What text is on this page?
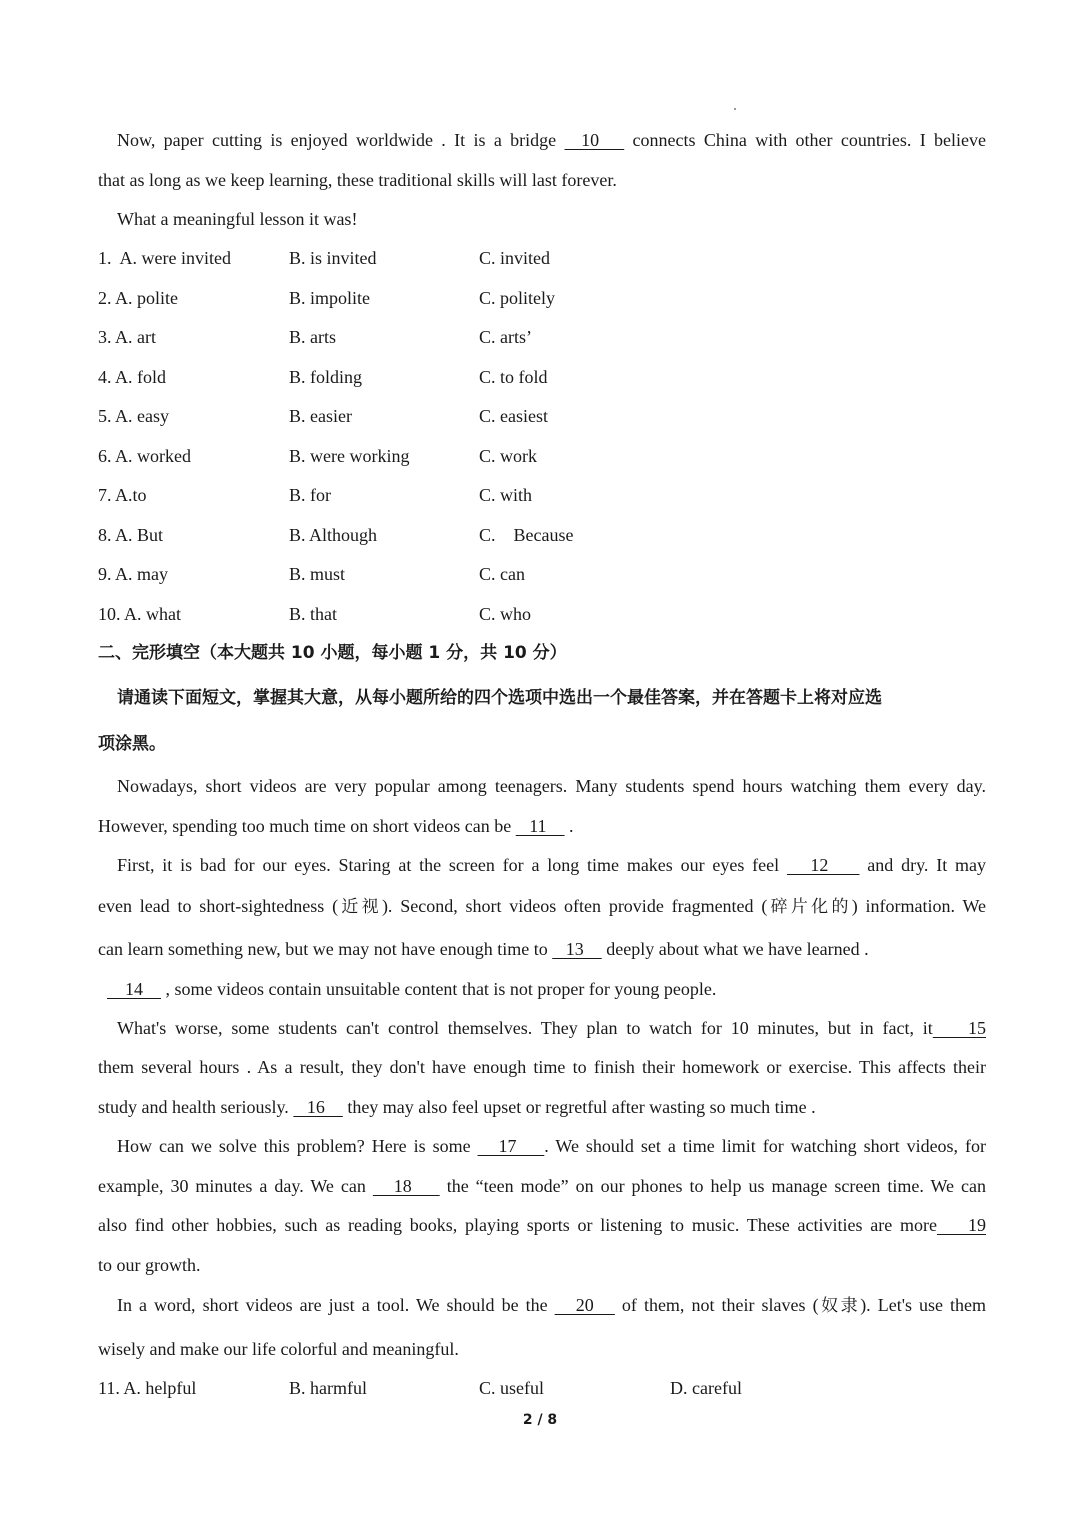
Now, paper cutting is enjoyed worldwide . It is a bridge   10    connects China with other countries. I believe
that as long as we keep learning, these traditional skills will last forever.
What a meaningful lesson it was!
1.  A. were invited	B. is invited	C. invited
2. A. polite	B. impolite	C. politely
3. A. art	B. arts	C. arts’
4. A. fold	B. folding	C. to fold
5. A. easy	B. easier	C. easiest
6. A. worked	B. were working	C. work
7. A.to	B. for	C. with
8. A. But	B. Although	C.    Because
9. A. may	B. must	C. can
10. A. what	B. that	C. who
二、完形填空（本大题共 10 小题，每小题 1 分，共 10 分）
请通读下面短文，掌握其大意，从每小题所给的四个选项中选出一个最佳答案，并在答题卡上将对应选
项涂黑。
Nowadays, short videos are very popular among teenagers. Many students spend hours watching them every day.
However, spending too much time on short videos can be    11     .
First, it is bad for our eyes. Staring at the screen for a long time makes our eyes feel    12     and dry. It may
even lead to short-sightedness (近视). Second, short videos often provide fragmented (碎片化的) information. We
can learn something new, but we may not have enough time to    13     deeply about what we have learned .
14     , some videos contain unsuitable content that is not proper for young people.
What's worse, some students can't control themselves. They plan to watch for 10 minutes, but in fact, it    15
them several hours . As a result, they don't have enough time to finish their homework or exercise. This affects their
study and health seriously.    16     they may also feel upset or regretful after wasting so much time .
How can we solve this problem? Here is some    17    . We should set a time limit for watching short videos, for
example, 30 minutes a day. We can    18     the “teen mode” on our phones to help us manage screen time. We can
also find other hobbies, such as reading books, playing sports or listening to music. These activities are more    19
to our growth.
In a word, short videos are just a tool. We should be the    20    of them, not their slaves (奴隶). Let's use them
wisely and make our life colorful and meaningful.
11. A. helpful	B. harmful	C. useful	D. careful
2 / 8
